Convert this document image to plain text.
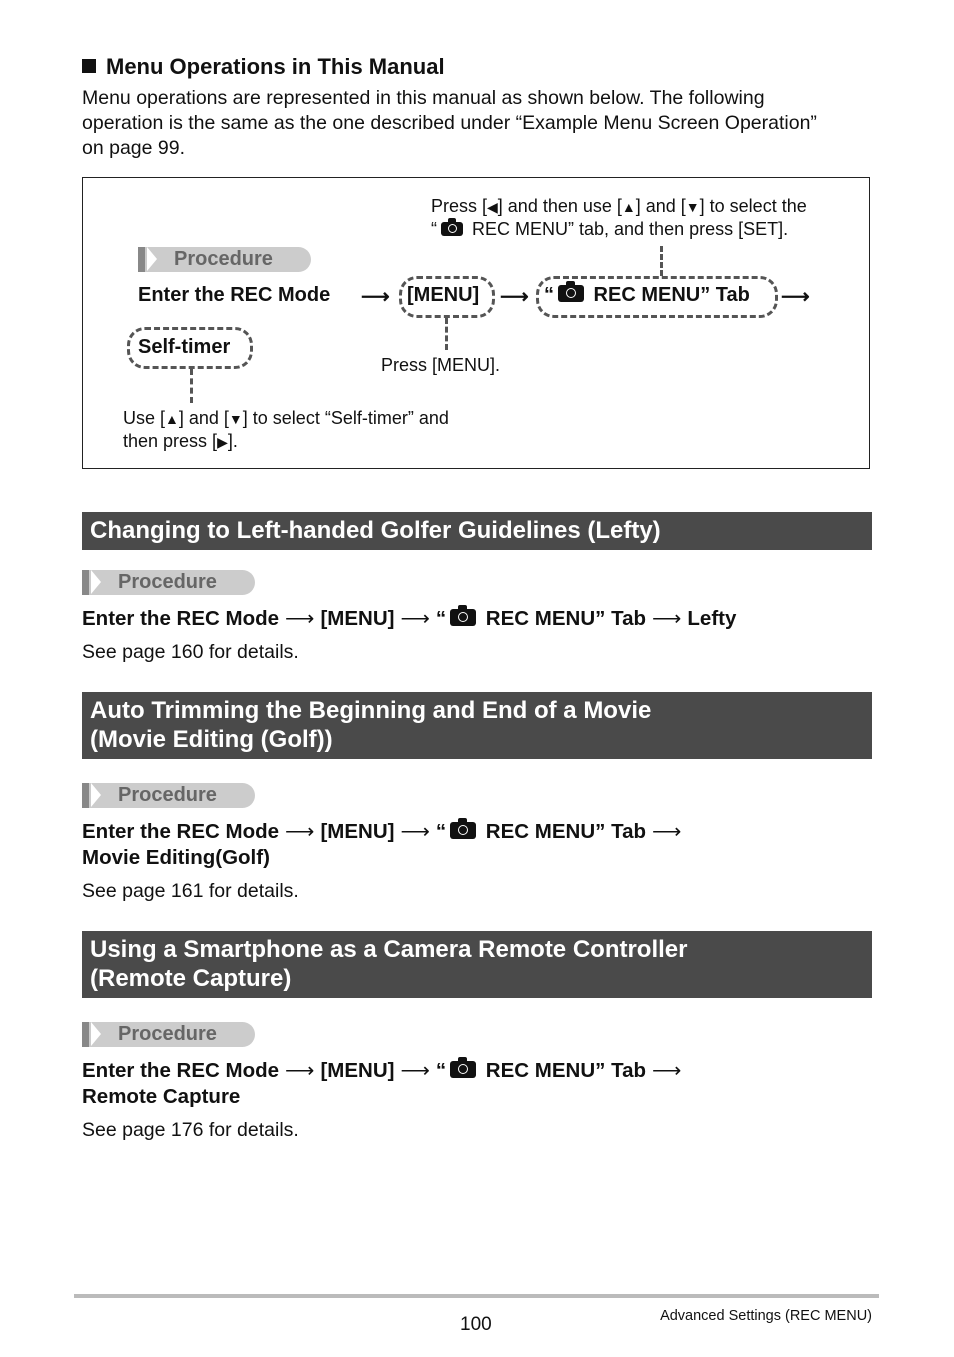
Menu Operations in This Manual
Menu operations are represented in this manual as shown below. The following
operation is the same as the one described under “Example Menu Screen Operation”
on page 99.
Press [◀] and then use [▲] and [▼] to select the
“ REC MENU” tab, and then press [SET].
Procedure
Enter the REC Mode ⟶ [MENU] ⟶ “ REC MENU” Tab ⟶
Press [MENU].
Self-timer
Use [▲] and [▼] to select “Self-timer” and
then press [▶].
Changing to Left-handed Golfer Guidelines (Lefty)
Procedure
Enter the REC Mode ⟶ [MENU] ⟶ “ REC MENU” Tab ⟶ Lefty
See page 160 for details.
Auto Trimming the Beginning and End of a Movie
(Movie Editing (Golf))
Procedure
Enter the REC Mode ⟶ [MENU] ⟶ “ REC MENU” Tab ⟶
Movie Editing(Golf)
See page 161 for details.
Using a Smartphone as a Camera Remote Controller
(Remote Capture)
Procedure
Enter the REC Mode ⟶ [MENU] ⟶ “ REC MENU” Tab ⟶
Remote Capture
See page 176 for details.
100	Advanced Settings (REC MENU)
